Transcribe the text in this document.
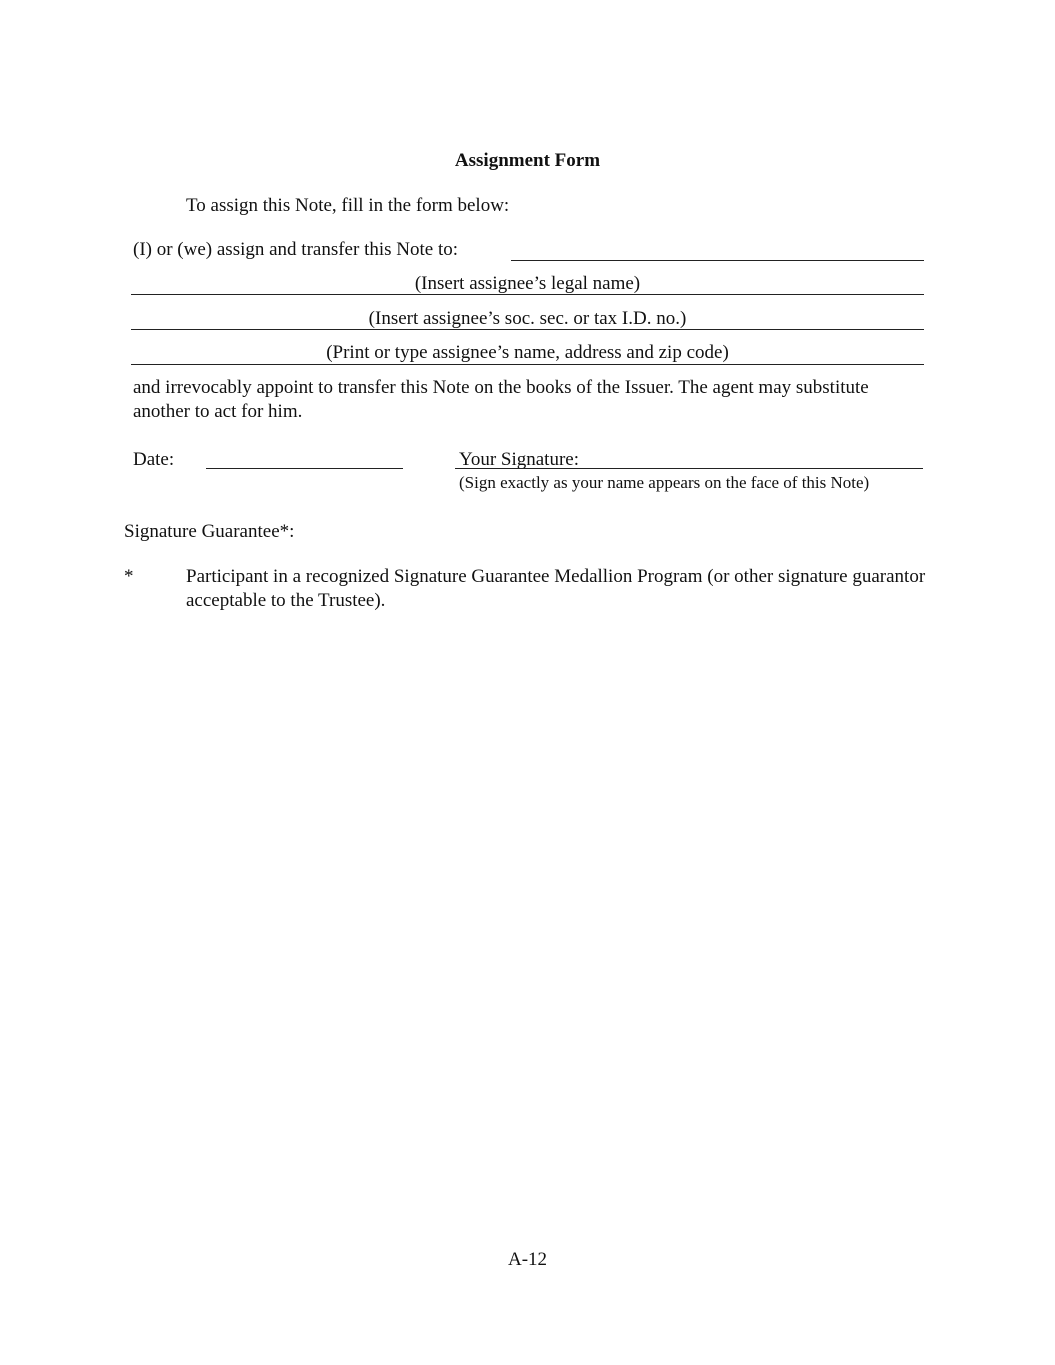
Assignment Form
To assign this Note, fill in the form below:
(I) or (we) assign and transfer this Note to:
(Insert assignee’s legal name)
(Insert assignee’s soc. sec. or tax I.D. no.)
(Print or type assignee’s name, address and zip code)
and irrevocably appoint to transfer this Note on the books of the Issuer. The agent may substitute another to act for him.
Date:	Your Signature:
(Sign exactly as your name appears on the face of this Note)
Signature Guarantee*:
*	Participant in a recognized Signature Guarantee Medallion Program (or other signature guarantor acceptable to the Trustee).
A-12
